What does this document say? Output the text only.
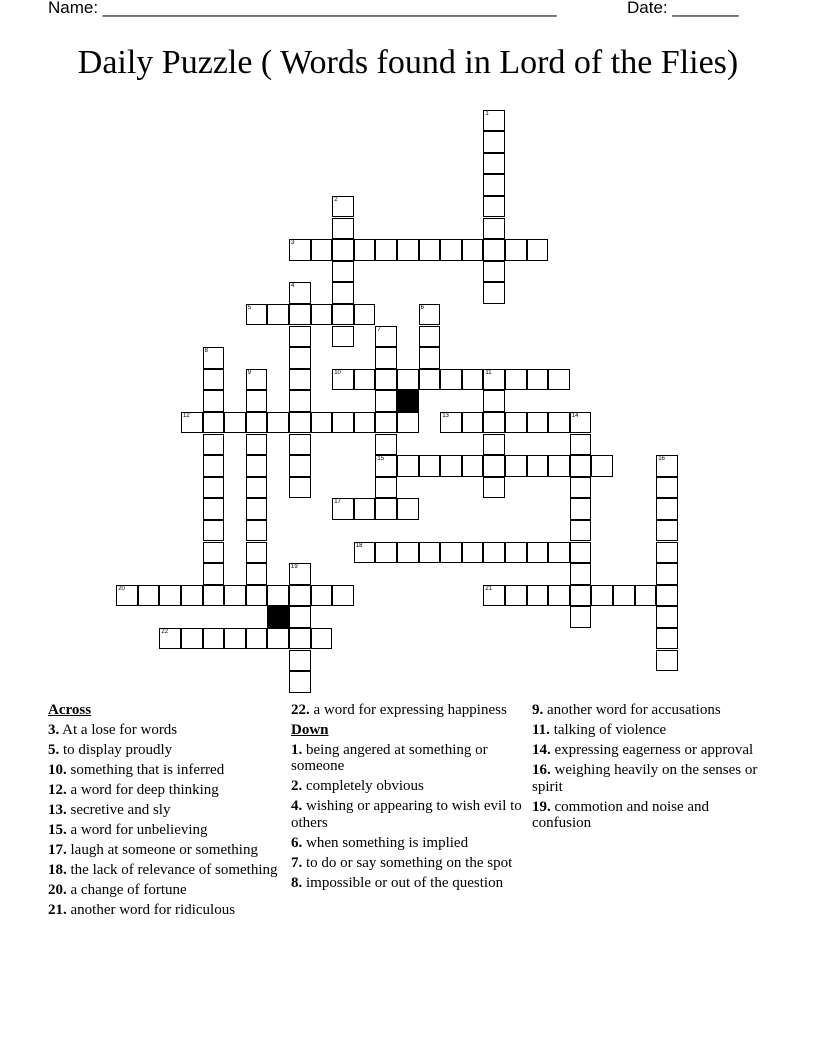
Name: ________________________________________________	Date: _______
Daily Puzzle ( Words found in Lord of the Flies)
1
2
3
4
5	6
7
15
8
9	10	11
12	13	14
16
17
18
19
20	21
22
Across
3. At a lose for words
5. to display proudly
10. something that is inferred
12. a word for deep thinking
13. secretive and sly
15. a word for unbelieving
17. laugh at someone or something
18. the lack of relevance of something
20. a change of fortune
21. another word for ridiculous
22. a word for expressing happiness
Down
1. being angered at something or someone
2. completely obvious
4. wishing or appearing to wish evil to others
6. when something is implied
7. to do or say something on the spot
8. impossible or out of the question
9. another word for accusations
11. talking of violence
14. expressing eagerness or approval
16. weighing heavily on the senses or spirit
19. commotion and noise and confusion
